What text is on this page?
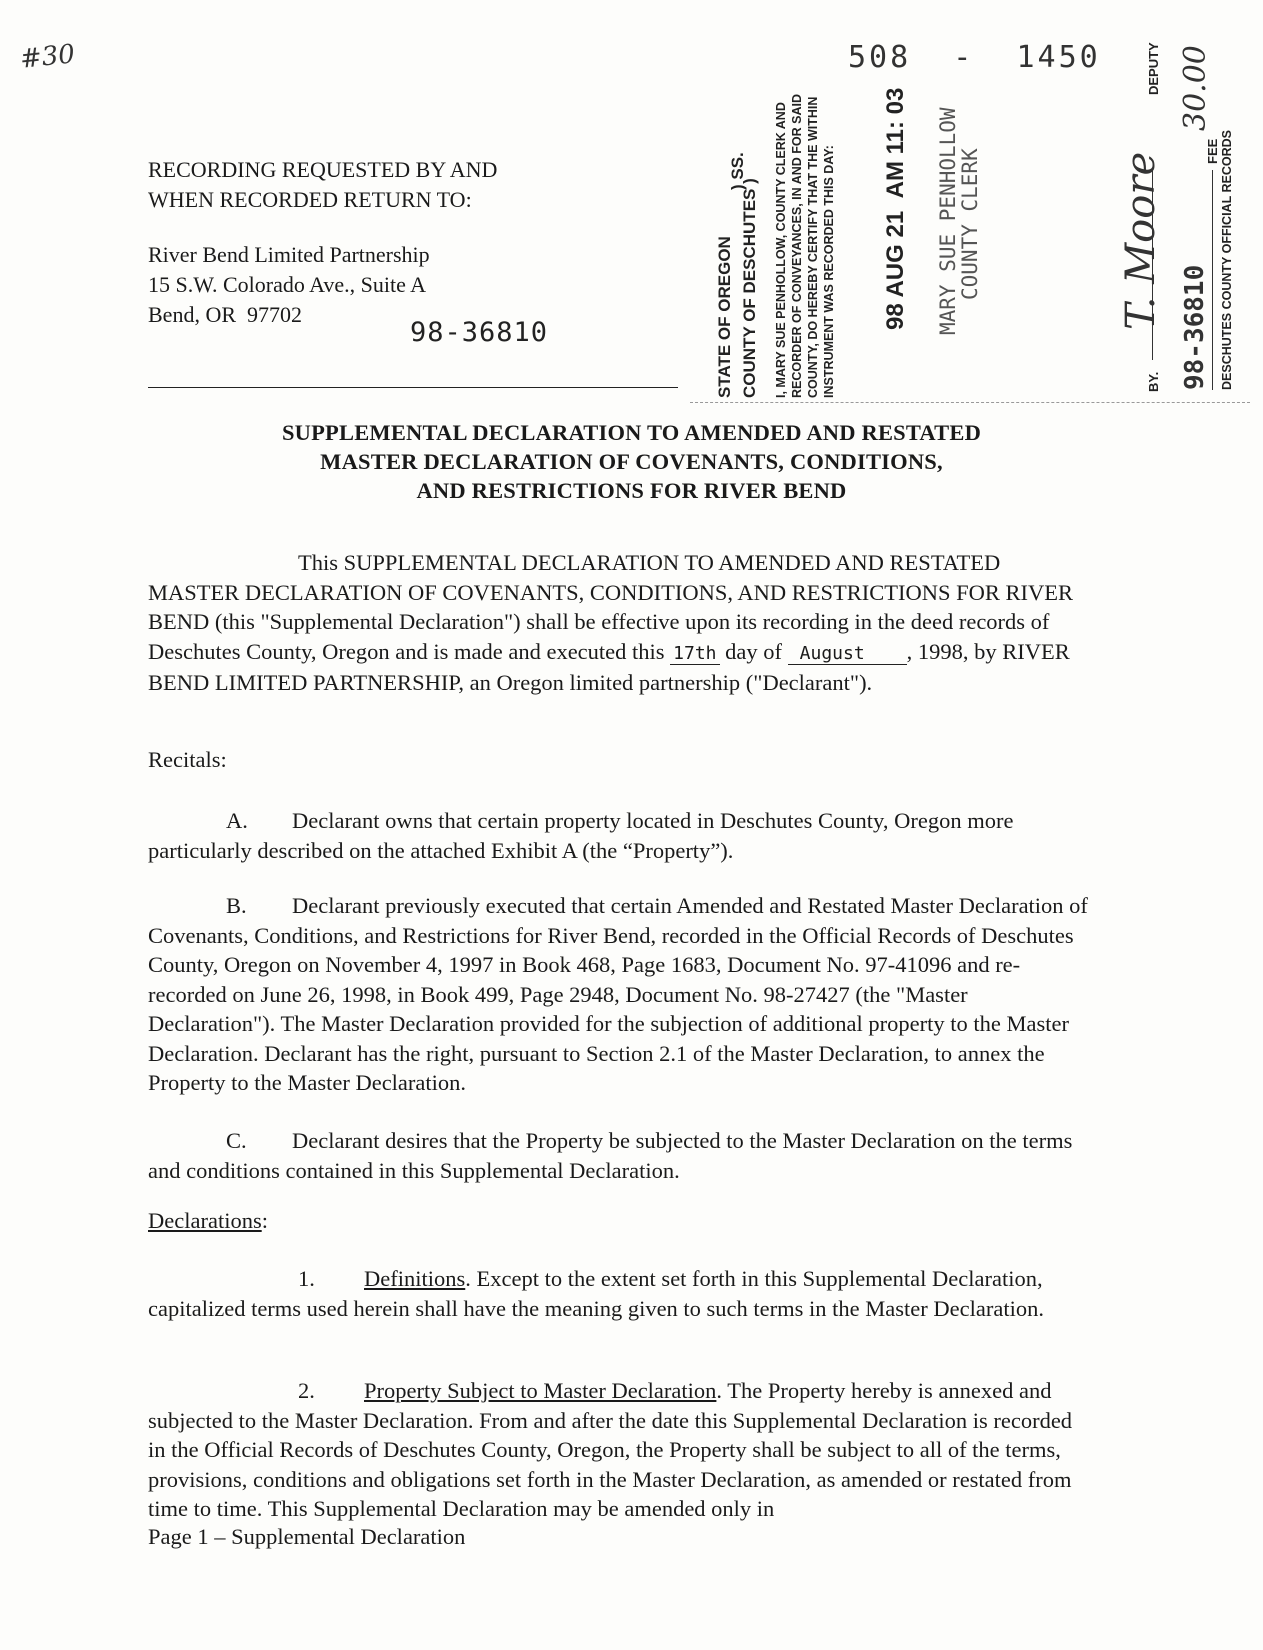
#30
RECORDING REQUESTED BY AND
WHEN RECORDED RETURN TO:
River Bend Limited Partnership
15 S.W. Colorado Ave., Suite A
Bend, OR  97702
98-36810
508  -  1450
STATE OF OREGON COUNTY OF DESCHUTES )
) SS. I, MARY SUE PENHOLLOW, COUNTY CLERK AND RECORDER OF CONVEYANCES, IN AND FOR SAID COUNTY, DO HEREBY CERTIFY THAT THE WITHIN INSTRUMENT WAS RECORDED THIS DAY: 98 AUG 21  AM 11: 03 MARY SUE PENHOLLOW
COUNTY CLERK
BY.
T. Moore
DEPUTY
98-36810
FEE
30.00
DESCHUTES COUNTY OFFICIAL RECORDS
SUPPLEMENTAL DECLARATION TO AMENDED AND RESTATED
MASTER DECLARATION OF COVENANTS, CONDITIONS,
AND RESTRICTIONS FOR RIVER BEND
This SUPPLEMENTAL DECLARATION TO AMENDED AND RESTATED MASTER DECLARATION OF COVENANTS, CONDITIONS, AND RESTRICTIONS FOR RIVER BEND (this "Supplemental Declaration") shall be effective upon its recording in the deed records of Deschutes County, Oregon and is made and executed this 17th day of August , 1998, by RIVER BEND LIMITED PARTNERSHIP, an Oregon limited partnership ("Declarant").
Recitals:
A. Declarant owns that certain property located in Deschutes County, Oregon more particularly described on the attached Exhibit A (the “Property”).
B. Declarant previously executed that certain Amended and Restated Master Declaration of Covenants, Conditions, and Restrictions for River Bend, recorded in the Official Records of Deschutes County, Oregon on November 4, 1997 in Book 468, Page 1683, Document No. 97-41096 and re-recorded on June 26, 1998, in Book 499, Page 2948, Document No. 98-27427 (the "Master Declaration"). The Master Declaration provided for the subjection of additional property to the Master Declaration. Declarant has the right, pursuant to Section 2.1 of the Master Declaration, to annex the Property to the Master Declaration.
C. Declarant desires that the Property be subjected to the Master Declaration on the terms and conditions contained in this Supplemental Declaration.
Declarations:
1. Definitions. Except to the extent set forth in this Supplemental Declaration, capitalized terms used herein shall have the meaning given to such terms in the Master Declaration.
2. Property Subject to Master Declaration. The Property hereby is annexed and subjected to the Master Declaration. From and after the date this Supplemental Declaration is recorded in the Official Records of Deschutes County, Oregon, the Property shall be subject to all of the terms, provisions, conditions and obligations set forth in the Master Declaration, as amended or restated from time to time. This Supplemental Declaration may be amended only in
Page 1 – Supplemental Declaration
